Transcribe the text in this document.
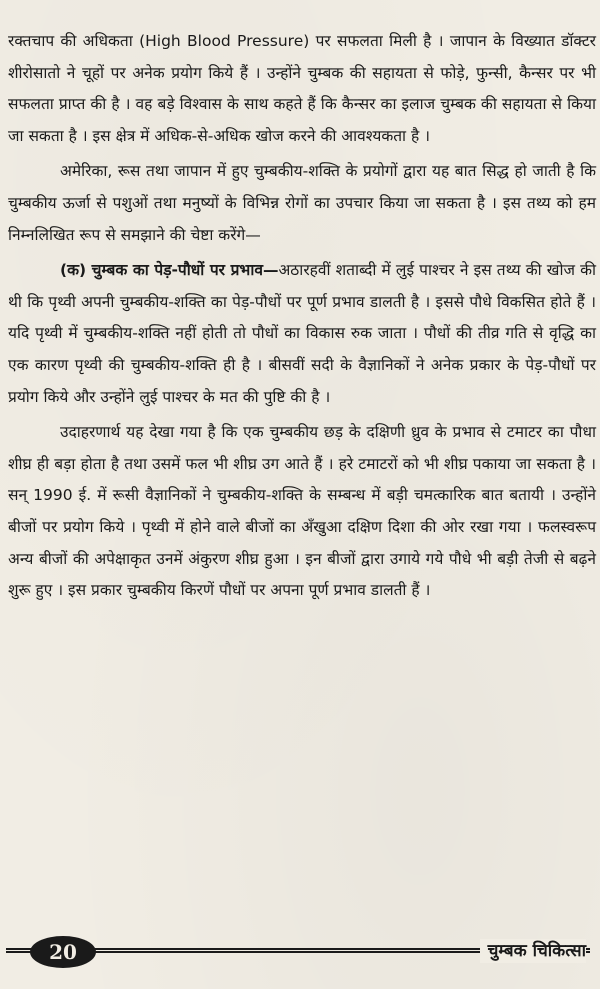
रक्तचाप की अधिकता (High Blood Pressure) पर सफलता मिली है । जापान के विख्यात डॉक्टर शीरोसातो ने चूहों पर अनेक प्रयोग किये हैं । उन्होंने चुम्बक की सहायता से फोड़े, फुन्सी, कैन्सर पर भी सफलता प्राप्त की है । वह बड़े विश्वास के साथ कहते हैं कि कैन्सर का इलाज चुम्बक की सहायता से किया जा सकता है । इस क्षेत्र में अधिक-से-अधिक खोज करने की आवश्यकता है ।

अमेरिका, रूस तथा जापान में हुए चुम्बकीय-शक्ति के प्रयोगों द्वारा यह बात सिद्ध हो जाती है कि चुम्बकीय ऊर्जा से पशुओं तथा मनुष्यों के विभिन्न रोगों का उपचार किया जा सकता है । इस तथ्य को हम निम्नलिखित रूप से समझाने की चेष्टा करेंगे—

(क) चुम्बक का पेड़-पौधों पर प्रभाव—अठारहवीं शताब्दी में लुई पाश्चर ने इस तथ्य की खोज की थी कि पृथ्वी अपनी चुम्बकीय-शक्ति का पेड़-पौधों पर पूर्ण प्रभाव डालती है । इससे पौधे विकसित होते हैं । यदि पृथ्वी में चुम्बकीय-शक्ति नहीं होती तो पौधों का विकास रुक जाता । पौधों की तीव्र गति से वृद्धि का एक कारण पृथ्वी की चुम्बकीय-शक्ति ही है । बीसवीं सदी के वैज्ञानिकों ने अनेक प्रकार के पेड़-पौधों पर प्रयोग किये और उन्होंने लुई पाश्चर के मत की पुष्टि की है ।

उदाहरणार्थ यह देखा गया है कि एक चुम्बकीय छड़ के दक्षिणी ध्रुव के प्रभाव से टमाटर का पौधा शीघ्र ही बड़ा होता है तथा उसमें फल भी शीघ्र उग आते हैं । हरे टमाटरों को भी शीघ्र पकाया जा सकता है । सन् 1990 ई. में रूसी वैज्ञानिकों ने चुम्बकीय-शक्ति के सम्बन्ध में बड़ी चमत्कारिक बात बतायी । उन्होंने बीजों पर प्रयोग किये । पृथ्वी में होने वाले बीजों का अँखुआ दक्षिण दिशा की ओर रखा गया । फलस्वरूप अन्य बीजों की अपेक्षाकृत उनमें अंकुरण शीघ्र हुआ । इन बीजों द्वारा उगाये गये पौधे भी बड़ी तेजी से बढ़ने शुरू हुए । इस प्रकार चुम्बकीय किरणें पौधों पर अपना पूर्ण प्रभाव डालती हैं ।

20	चुम्बक चिकित्सा
